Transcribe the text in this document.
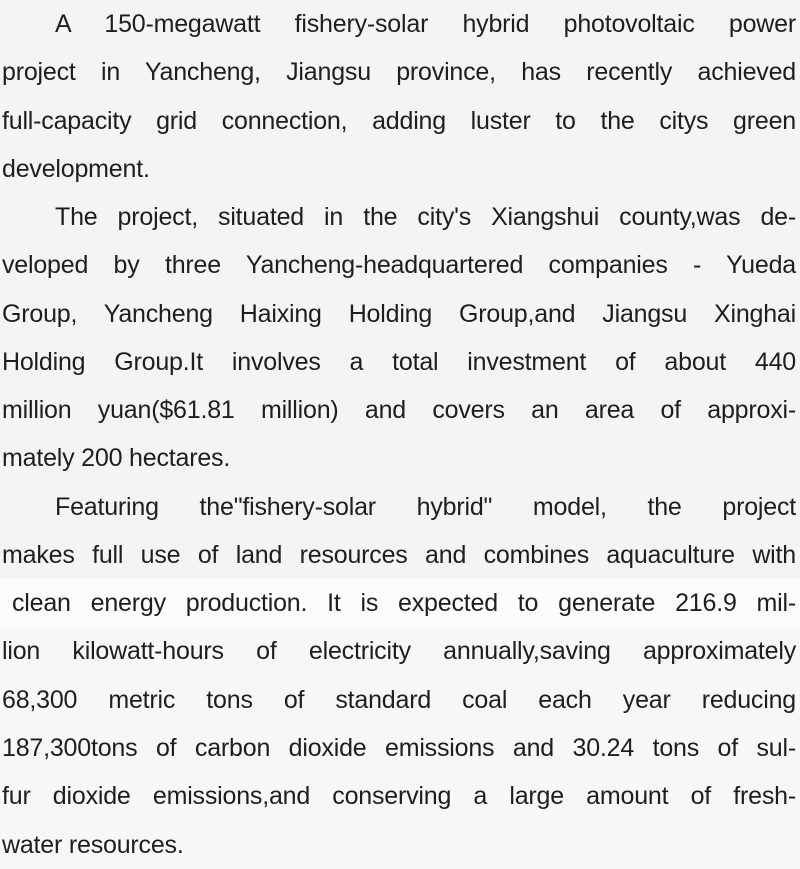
A 150-megawatt fishery-solar hybrid photovoltaic power
project in Yancheng, Jiangsu province, has recently achieved
full-capacity grid connection, adding luster to the citys green
development.
The project, situated in the city's Xiangshui county,was de-
veloped by three Yancheng-headquartered companies - Yueda
Group, Yancheng Haixing Holding Group,and Jiangsu Xinghai
Holding Group.It involves a total investment of about 440
million yuan($61.81 million) and covers an area of approxi-
mately 200 hectares.
Featuring the"fishery-solar hybrid" model, the project
makes full use of land resources and combines aquaculture with
clean energy production. It is expected to generate 216.9 mil-
lion kilowatt-hours of electricity annually,saving approximately
68,300 metric tons of standard coal each year reducing
187,300tons of carbon dioxide emissions and 30.24 tons of sul-
fur dioxide emissions,and conserving a large amount of fresh-
water resources.
